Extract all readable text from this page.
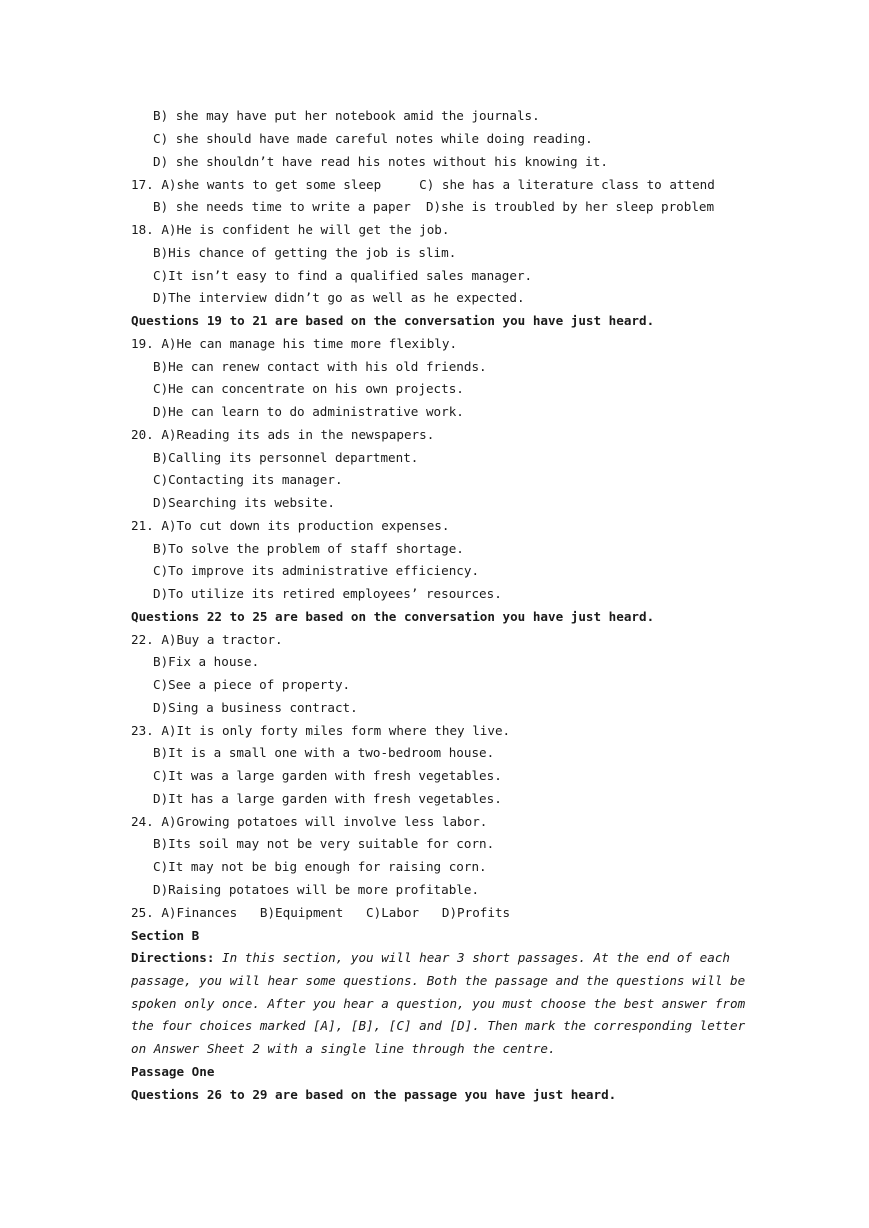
B) she may have put her notebook amid the journals.
C) she should have made careful notes while doing reading.
D) she shouldn’t have read his notes without his knowing it.
17. A)she wants to get some sleep     C) she has a literature class to attend
B) she needs time to write a paper  D)she is troubled by her sleep problem
18. A)He is confident he will get the job.
B)His chance of getting the job is slim.
C)It isn’t easy to find a qualified sales manager.
D)The interview didn’t go as well as he expected.
Questions 19 to 21 are based on the conversation you have just heard.
19. A)He can manage his time more flexibly.
B)He can renew contact with his old friends.
C)He can concentrate on his own projects.
D)He can learn to do administrative work.
20. A)Reading its ads in the newspapers.
B)Calling its personnel department.
C)Contacting its manager.
D)Searching its website.
21. A)To cut down its production expenses.
B)To solve the problem of staff shortage.
C)To improve its administrative efficiency.
D)To utilize its retired employees’ resources.
Questions 22 to 25 are based on the conversation you have just heard.
22. A)Buy a tractor.
B)Fix a house.
C)See a piece of property.
D)Sing a business contract.
23. A)It is only forty miles form where they live.
B)It is a small one with a two-bedroom house.
C)It was a large garden with fresh vegetables.
D)It has a large garden with fresh vegetables.
24. A)Growing potatoes will involve less labor.
B)Its soil may not be very suitable for corn.
C)It may not be big enough for raising corn.
D)Raising potatoes will be more profitable.
25. A)Finances   B)Equipment   C)Labor   D)Profits
Section B
Directions: In this section, you will hear 3 short passages. At the end of each
passage, you will hear some questions. Both the passage and the questions will be
spoken only once. After you hear a question, you must choose the best answer from
the four choices marked [A], [B], [C] and [D]. Then mark the corresponding letter
on Answer Sheet 2 with a single line through the centre.
Passage One
Questions 26 to 29 are based on the passage you have just heard.
